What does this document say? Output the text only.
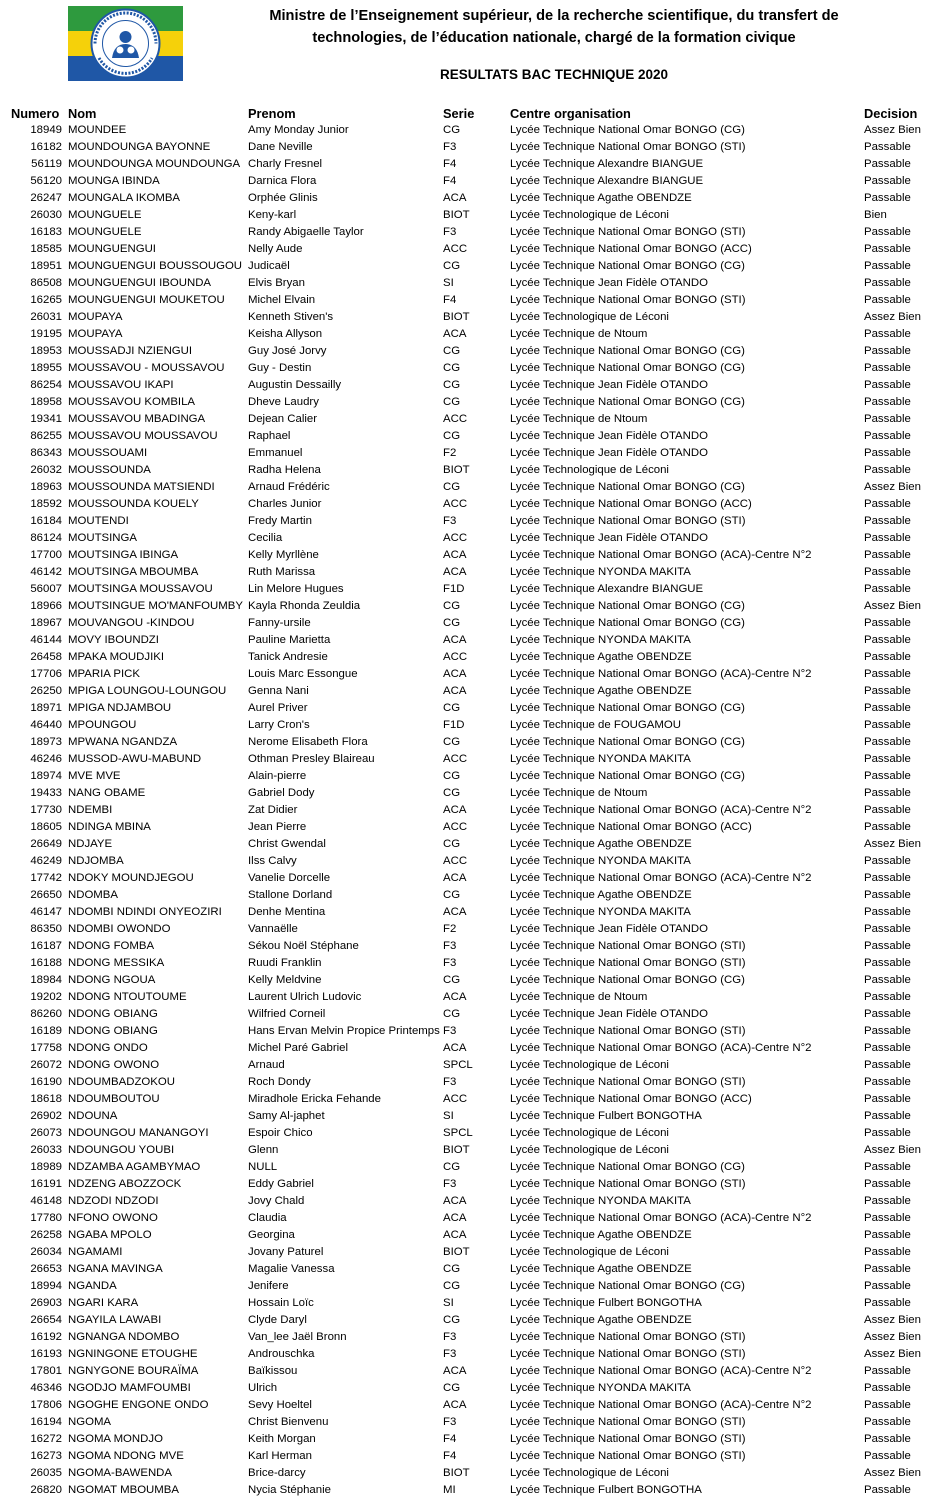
Ministre de l’Enseignement supérieur, de la recherche scientifique, du transfert de
technologies, de l’éducation nationale, chargé de la formation civique
RESULTATS BAC TECHNIQUE 2020
Numero	Nom	Prenom	Serie	Centre organisation	Decision
18949	MOUNDEE	Amy Monday Junior	CG	Lycée Technique National Omar BONGO (CG)	Assez Bien
16182	MOUNDOUNGA BAYONNE	Dane Neville	F3	Lycée Technique National Omar BONGO (STI)	Passable
56119	MOUNDOUNGA MOUNDOUNGA	Charly Fresnel	F4	Lycée Technique Alexandre BIANGUE	Passable
56120	MOUNGA IBINDA	Darnica Flora	F4	Lycée Technique Alexandre BIANGUE	Passable
26247	MOUNGALA IKOMBA	Orphée Glinis	ACA	Lycée Technique Agathe OBENDZE	Passable
26030	MOUNGUELE	Keny-karl	BIOT	Lycée Technologique de Léconi	Bien
16183	MOUNGUELE	Randy Abigaelle Taylor	F3	Lycée Technique National Omar BONGO (STI)	Passable
18585	MOUNGUENGUI	Nelly Aude	ACC	Lycée Technique National Omar BONGO (ACC)	Passable
18951	MOUNGUENGUI BOUSSOUGOU	Judicaël	CG	Lycée Technique National Omar BONGO (CG)	Passable
86508	MOUNGUENGUI IBOUNDA	Elvis Bryan	SI	Lycée Technique Jean Fidèle OTANDO	Passable
16265	MOUNGUENGUI MOUKETOU	Michel Elvain	F4	Lycée Technique National Omar BONGO (STI)	Passable
26031	MOUPAYA	Kenneth Stiven's	BIOT	Lycée Technologique de Léconi	Assez Bien
19195	MOUPAYA	Keisha Allyson	ACA	Lycée Technique de Ntoum	Passable
18953	MOUSSADJI NZIENGUI	Guy José Jorvy	CG	Lycée Technique National Omar BONGO (CG)	Passable
18955	MOUSSAVOU - MOUSSAVOU	Guy - Destin	CG	Lycée Technique National Omar BONGO (CG)	Passable
86254	MOUSSAVOU IKAPI	Augustin Dessailly	CG	Lycée Technique Jean Fidèle OTANDO	Passable
18958	MOUSSAVOU KOMBILA	Dheve Laudry	CG	Lycée Technique National Omar BONGO (CG)	Passable
19341	MOUSSAVOU MBADINGA	Dejean Calier	ACC	Lycée Technique de Ntoum	Passable
86255	MOUSSAVOU MOUSSAVOU	Raphael	CG	Lycée Technique Jean Fidèle OTANDO	Passable
86343	MOUSSOUAMI	Emmanuel	F2	Lycée Technique Jean Fidèle OTANDO	Passable
26032	MOUSSOUNDA	Radha Helena	BIOT	Lycée Technologique de Léconi	Passable
18963	MOUSSOUNDA MATSIENDI	Arnaud Frédéric	CG	Lycée Technique National Omar BONGO (CG)	Assez Bien
18592	MOUSSOUNDA KOUELY	Charles Junior	ACC	Lycée Technique National Omar BONGO (ACC)	Passable
16184	MOUTENDI	Fredy Martin	F3	Lycée Technique National Omar BONGO (STI)	Passable
86124	MOUTSINGA	Cecilia	ACC	Lycée Technique Jean Fidèle OTANDO	Passable
17700	MOUTSINGA IBINGA	Kelly Myrllène	ACA	Lycée Technique National Omar BONGO (ACA)-Centre N°2	Passable
46142	MOUTSINGA MBOUMBA	Ruth Marissa	ACA	Lycée Technique NYONDA MAKITA	Passable
56007	MOUTSINGA MOUSSAVOU	Lin Melore Hugues	F1D	Lycée Technique Alexandre BIANGUE	Passable
18966	MOUTSINGUE MO'MANFOUMBY	Kayla Rhonda Zeuldia	CG	Lycée Technique National Omar BONGO (CG)	Assez Bien
18967	MOUVANGOU -KINDOU	Fanny-ursile	CG	Lycée Technique National Omar BONGO (CG)	Passable
46144	MOVY IBOUNDZI	Pauline Marietta	ACA	Lycée Technique NYONDA MAKITA	Passable
26458	MPAKA MOUDJIKI	Tanick Andresie	ACC	Lycée Technique Agathe OBENDZE	Passable
17706	MPARIA PICK	Louis Marc Essongue	ACA	Lycée Technique National Omar BONGO (ACA)-Centre N°2	Passable
26250	MPIGA LOUNGOU-LOUNGOU	Genna Nani	ACA	Lycée Technique Agathe OBENDZE	Passable
18971	MPIGA NDJAMBOU	Aurel Priver	CG	Lycée Technique National Omar BONGO (CG)	Passable
46440	MPOUNGOU	Larry Cron's	F1D	Lycée Technique de FOUGAMOU	Passable
18973	MPWANA NGANDZA	Nerome Elisabeth Flora	CG	Lycée Technique National Omar BONGO (CG)	Passable
46246	MUSSOD-AWU-MABUND	Othman Presley Blaireau	ACC	Lycée Technique NYONDA MAKITA	Passable
18974	MVE MVE	Alain-pierre	CG	Lycée Technique National Omar BONGO (CG)	Passable
19433	NANG OBAME	Gabriel Dody	CG	Lycée Technique de Ntoum	Passable
17730	NDEMBI	Zat Didier	ACA	Lycée Technique National Omar BONGO (ACA)-Centre N°2	Passable
18605	NDINGA MBINA	Jean Pierre	ACC	Lycée Technique National Omar BONGO (ACC)	Passable
26649	NDJAYE	Christ Gwendal	CG	Lycée Technique Agathe OBENDZE	Assez Bien
46249	NDJOMBA	Ilss Calvy	ACC	Lycée Technique NYONDA MAKITA	Passable
17742	NDOKY MOUNDJEGOU	Vanelie Dorcelle	ACA	Lycée Technique National Omar BONGO (ACA)-Centre N°2	Passable
26650	NDOMBA	Stallone Dorland	CG	Lycée Technique Agathe OBENDZE	Passable
46147	NDOMBI NDINDI ONYEOZIRI	Denhe Mentina	ACA	Lycée Technique NYONDA MAKITA	Passable
86350	NDOMBI OWONDO	Vannaëlle	F2	Lycée Technique Jean Fidèle OTANDO	Passable
16187	NDONG FOMBA	Sékou Noël Stéphane	F3	Lycée Technique National Omar BONGO (STI)	Passable
16188	NDONG MESSIKA	Ruudi Franklin	F3	Lycée Technique National Omar BONGO (STI)	Passable
18984	NDONG NGOUA	Kelly Meldvine	CG	Lycée Technique National Omar BONGO (CG)	Passable
19202	NDONG NTOUTOUME	Laurent Ulrich Ludovic	ACA	Lycée Technique de Ntoum	Passable
86260	NDONG OBIANG	Wilfried Corneil	CG	Lycée Technique Jean Fidèle OTANDO	Passable
16189	NDONG OBIANG	Hans Ervan Melvin Propice Printemps	F3	Lycée Technique National Omar BONGO (STI)	Passable
17758	NDONG ONDO	Michel Paré Gabriel	ACA	Lycée Technique National Omar BONGO (ACA)-Centre N°2	Passable
26072	NDONG OWONO	Arnaud	SPCL	Lycée Technologique de Léconi	Passable
16190	NDOUMBADZOKOU	Roch Dondy	F3	Lycée Technique National Omar BONGO (STI)	Passable
18618	NDOUMBOUTOU	Miradhole Ericka Fehande	ACC	Lycée Technique National Omar BONGO (ACC)	Passable
26902	NDOUNA	Samy Al-japhet	SI	Lycée Technique Fulbert BONGOTHA	Passable
26073	NDOUNGOU MANANGOYI	Espoir Chico	SPCL	Lycée Technologique de Léconi	Passable
26033	NDOUNGOU YOUBI	Glenn	BIOT	Lycée Technologique de Léconi	Assez Bien
18989	NDZAMBA AGAMBYMAO	NULL	CG	Lycée Technique National Omar BONGO (CG)	Passable
16191	NDZENG ABOZZOCK	Eddy Gabriel	F3	Lycée Technique National Omar BONGO (STI)	Passable
46148	NDZODI NDZODI	Jovy Chald	ACA	Lycée Technique NYONDA MAKITA	Passable
17780	NFONO OWONO	Claudia	ACA	Lycée Technique National Omar BONGO (ACA)-Centre N°2	Passable
26258	NGABA MPOLO	Georgina	ACA	Lycée Technique Agathe OBENDZE	Passable
26034	NGAMAMI	Jovany Paturel	BIOT	Lycée Technologique de Léconi	Passable
26653	NGANA MAVINGA	Magalie Vanessa	CG	Lycée Technique Agathe OBENDZE	Passable
18994	NGANDA	Jenifere	CG	Lycée Technique National Omar BONGO (CG)	Passable
26903	NGARI KARA	Hossain Loïc	SI	Lycée Technique Fulbert BONGOTHA	Passable
26654	NGAYILA LAWABI	Clyde Daryl	CG	Lycée Technique Agathe OBENDZE	Assez Bien
16192	NGNANGA NDOMBO	Van_lee Jaël Bronn	F3	Lycée Technique National Omar BONGO (STI)	Assez Bien
16193	NGNINGONE ETOUGHE	Androuschka	F3	Lycée Technique National Omar BONGO (STI)	Assez Bien
17801	NGNYGONE BOURAÏMA	Baïkissou	ACA	Lycée Technique National Omar BONGO (ACA)-Centre N°2	Passable
46346	NGODJO MAMFOUMBI	Ulrich	CG	Lycée Technique NYONDA MAKITA	Passable
17806	NGOGHE ENGONE ONDO	Sevy Hoeltel	ACA	Lycée Technique National Omar BONGO (ACA)-Centre N°2	Passable
16194	NGOMA	Christ Bienvenu	F3	Lycée Technique National Omar BONGO (STI)	Passable
16272	NGOMA MONDJO	Keith Morgan	F4	Lycée Technique National Omar BONGO (STI)	Passable
16273	NGOMA NDONG MVE	Karl Herman	F4	Lycée Technique National Omar BONGO (STI)	Passable
26035	NGOMA-BAWENDA	Brice-darcy	BIOT	Lycée Technologique de Léconi	Assez Bien
26820	NGOMAT MBOUMBA	Nycia Stéphanie	MI	Lycée Technique Fulbert BONGOTHA	Passable
